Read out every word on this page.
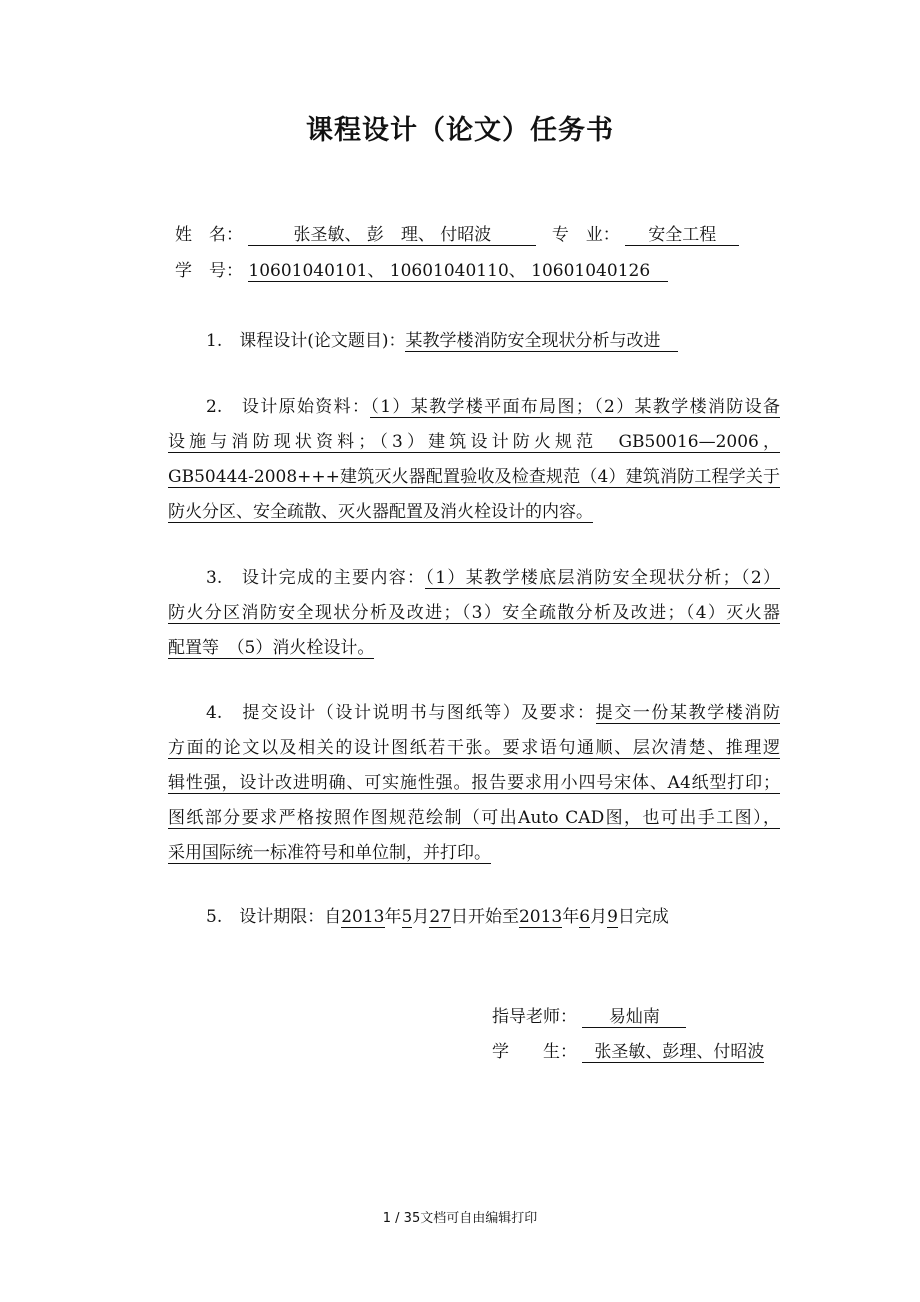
课程设计（论文）任务书
姓　名：	张圣敏、 彭　理、 付昭波	专　业： 安全工程
学　号： 10601040101、 10601040110、 10601040126
1.　课程设计(论文题目)：某教学楼消防安全现状分析与改进
2.　设计原始资料：（1）某教学楼平面布局图；（2）某教学楼消防设备
设施与消防现状资料；（3）建筑设计防火规范　GB50016—2006，
GB50444-2008+++建筑灭火器配置验收及检查规范（4）建筑消防工程学关于
防火分区、安全疏散、灭火器配置及消火栓设计的内容。
3.　设计完成的主要内容：（1）某教学楼底层消防安全现状分析；（2）
防火分区消防安全现状分析及改进；（3）安全疏散分析及改进；（4）灭火器
配置等　（5）消火栓设计。
4.　提交设计（设计说明书与图纸等）及要求：提交一份某教学楼消防
方面的论文以及相关的设计图纸若干张。要求语句通顺、层次清楚、推理逻
辑性强，设计改进明确、可实施性强。报告要求用小四号宋体、A4纸型打印；
图纸部分要求严格按照作图规范绘制（可出Auto CAD图，也可出手工图），
采用国际统一标准符号和单位制，并打印。
5.　设计期限：自2013年5月27日开始至2013年6月9日完成
指导老师： 易灿南
学　　生： 张圣敏、彭理、付昭波
1 / 35文档可自由编辑打印
